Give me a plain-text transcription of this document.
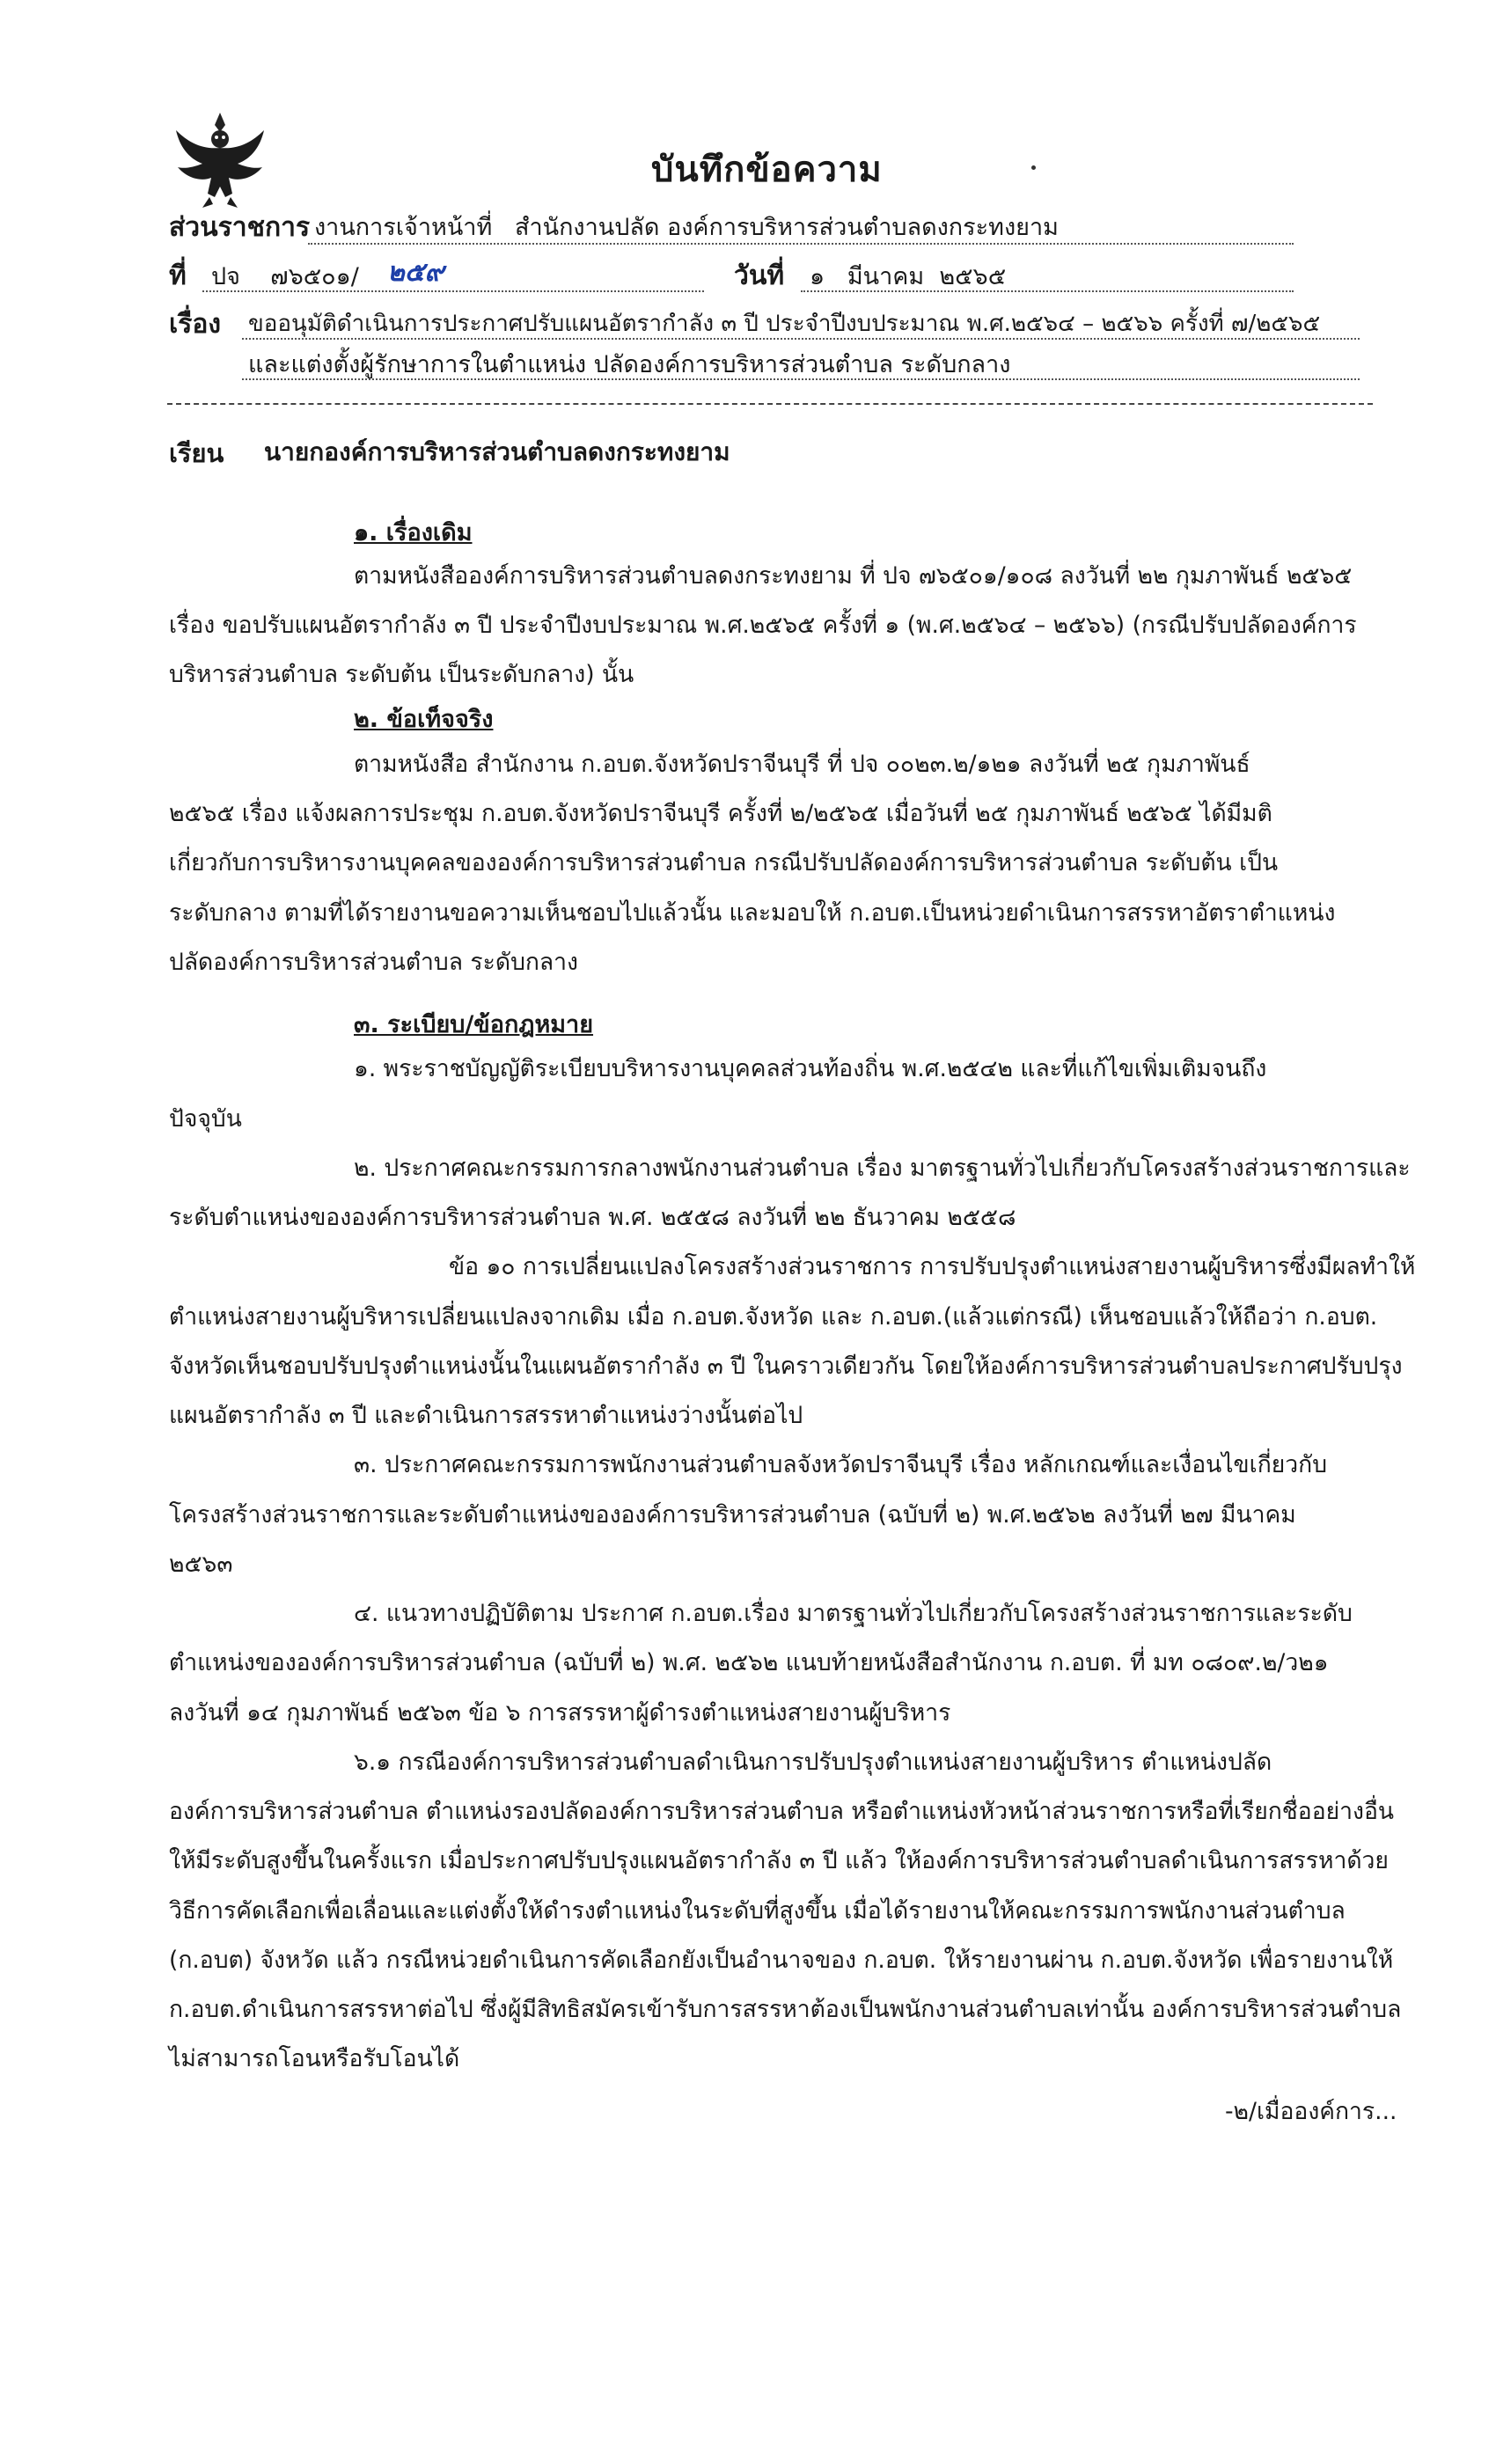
บันทึกข้อความ
ส่วนราชการ งานการเจ้าหน้าที่   สำนักงานปลัด องค์การบริหารส่วนตำบลดงกระทงยาม
ที่ ปจ    ๗๖๕๐๑/ ๒๕๙	วันที่ ๑   มีนาคม  ๒๕๖๕
เรื่อง ขออนุมัติดำเนินการประกาศปรับแผนอัตรากำลัง ๓ ปี ประจำปีงบประมาณ พ.ศ.๒๕๖๔ – ๒๕๖๖ ครั้งที่ ๗/๒๕๖๕
และแต่งตั้งผู้รักษาการในตำแหน่ง ปลัดองค์การบริหารส่วนตำบล ระดับกลาง
เรียน นายกองค์การบริหารส่วนตำบลดงกระทงยาม
๑. เรื่องเดิม
ตามหนังสือองค์การบริหารส่วนตำบลดงกระทงยาม ที่ ปจ ๗๖๕๐๑/๑๐๘ ลงวันที่ ๒๒ กุมภาพันธ์ ๒๕๖๕
เรื่อง ขอปรับแผนอัตรากำลัง ๓ ปี ประจำปีงบประมาณ พ.ศ.๒๕๖๕ ครั้งที่ ๑ (พ.ศ.๒๕๖๔ – ๒๕๖๖) (กรณีปรับปลัดองค์การ
บริหารส่วนตำบล ระดับต้น เป็นระดับกลาง) นั้น
๒. ข้อเท็จจริง
ตามหนังสือ สำนักงาน ก.อบต.จังหวัดปราจีนบุรี ที่ ปจ ๐๐๒๓.๒/๑๒๑ ลงวันที่ ๒๕ กุมภาพันธ์
๒๕๖๕ เรื่อง แจ้งผลการประชุม ก.อบต.จังหวัดปราจีนบุรี ครั้งที่ ๒/๒๕๖๕ เมื่อวันที่ ๒๕ กุมภาพันธ์ ๒๕๖๕ ได้มีมติ
เกี่ยวกับการบริหารงานบุคคลขององค์การบริหารส่วนตำบล กรณีปรับปลัดองค์การบริหารส่วนตำบล ระดับต้น เป็น
ระดับกลาง ตามที่ได้รายงานขอความเห็นชอบไปแล้วนั้น และมอบให้ ก.อบต.เป็นหน่วยดำเนินการสรรหาอัตราตำแหน่ง
ปลัดองค์การบริหารส่วนตำบล ระดับกลาง
๓. ระเบียบ/ข้อกฎหมาย
๑. พระราชบัญญัติระเบียบบริหารงานบุคคลส่วนท้องถิ่น พ.ศ.๒๕๔๒ และที่แก้ไขเพิ่มเติมจนถึง
ปัจจุบัน
๒. ประกาศคณะกรรมการกลางพนักงานส่วนตำบล เรื่อง มาตรฐานทั่วไปเกี่ยวกับโครงสร้างส่วนราชการและ
ระดับตำแหน่งขององค์การบริหารส่วนตำบล พ.ศ. ๒๕๕๘ ลงวันที่ ๒๒ ธันวาคม ๒๕๕๘
ข้อ ๑๐ การเปลี่ยนแปลงโครงสร้างส่วนราชการ การปรับปรุงตำแหน่งสายงานผู้บริหารซึ่งมีผลทำให้
ตำแหน่งสายงานผู้บริหารเปลี่ยนแปลงจากเดิม เมื่อ ก.อบต.จังหวัด และ ก.อบต.(แล้วแต่กรณี) เห็นชอบแล้วให้ถือว่า ก.อบต.
จังหวัดเห็นชอบปรับปรุงตำแหน่งนั้นในแผนอัตรากำลัง ๓ ปี ในคราวเดียวกัน โดยให้องค์การบริหารส่วนตำบลประกาศปรับปรุง
แผนอัตรากำลัง ๓ ปี และดำเนินการสรรหาตำแหน่งว่างนั้นต่อไป
๓. ประกาศคณะกรรมการพนักงานส่วนตำบลจังหวัดปราจีนบุรี เรื่อง หลักเกณฑ์และเงื่อนไขเกี่ยวกับ
โครงสร้างส่วนราชการและระดับตำแหน่งขององค์การบริหารส่วนตำบล (ฉบับที่ ๒) พ.ศ.๒๕๖๒ ลงวันที่ ๒๗ มีนาคม
๒๕๖๓
๔. แนวทางปฏิบัติตาม ประกาศ ก.อบต.เรื่อง มาตรฐานทั่วไปเกี่ยวกับโครงสร้างส่วนราชการและระดับ
ตำแหน่งขององค์การบริหารส่วนตำบล (ฉบับที่ ๒) พ.ศ. ๒๕๖๒ แนบท้ายหนังสือสำนักงาน ก.อบต. ที่ มท ๐๘๐๙.๒/ว๒๑
ลงวันที่ ๑๔ กุมภาพันธ์ ๒๕๖๓ ข้อ ๖ การสรรหาผู้ดำรงตำแหน่งสายงานผู้บริหาร
๖.๑ กรณีองค์การบริหารส่วนตำบลดำเนินการปรับปรุงตำแหน่งสายงานผู้บริหาร ตำแหน่งปลัด
องค์การบริหารส่วนตำบล ตำแหน่งรองปลัดองค์การบริหารส่วนตำบล หรือตำแหน่งหัวหน้าส่วนราชการหรือที่เรียกชื่ออย่างอื่น
ให้มีระดับสูงขึ้นในครั้งแรก เมื่อประกาศปรับปรุงแผนอัตรากำลัง ๓ ปี แล้ว ให้องค์การบริหารส่วนตำบลดำเนินการสรรหาด้วย
วิธีการคัดเลือกเพื่อเลื่อนและแต่งตั้งให้ดำรงตำแหน่งในระดับที่สูงขึ้น เมื่อได้รายงานให้คณะกรรมการพนักงานส่วนตำบล
(ก.อบต) จังหวัด แล้ว กรณีหน่วยดำเนินการคัดเลือกยังเป็นอำนาจของ ก.อบต. ให้รายงานผ่าน ก.อบต.จังหวัด เพื่อรายงานให้
ก.อบต.ดำเนินการสรรหาต่อไป ซึ่งผู้มีสิทธิสมัครเข้ารับการสรรหาต้องเป็นพนักงานส่วนตำบลเท่านั้น องค์การบริหารส่วนตำบล
ไม่สามารถโอนหรือรับโอนได้
-๒/เมื่อองค์การ...
